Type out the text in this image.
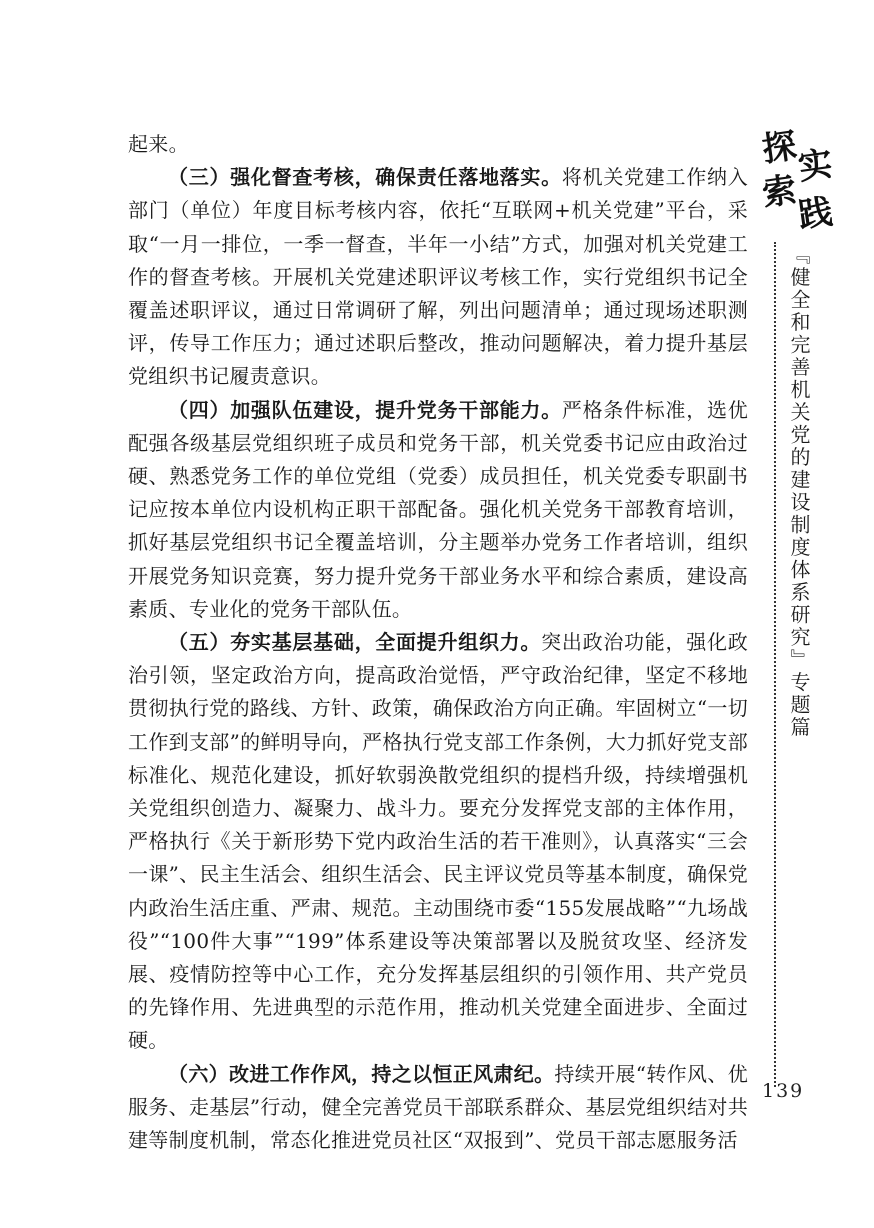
起来。

（三）强化督查考核，确保责任落地落实。将机关党建工作纳入部门（单位）年度目标考核内容，依托“互联网+机关党建”平台，采取“一月一排位，一季一督查，半年一小结”方式，加强对机关党建工作的督查考核。开展机关党建述职评议考核工作，实行党组织书记全覆盖述职评议，通过日常调研了解，列出问题清单；通过现场述职测评，传导工作压力；通过述职后整改，推动问题解决，着力提升基层党组织书记履责意识。

（四）加强队伍建设，提升党务干部能力。严格条件标准，选优配强各级基层党组织班子成员和党务干部，机关党委书记应由政治过硬、熟悉党务工作的单位党组（党委）成员担任，机关党委专职副书记应按本单位内设机构正职干部配备。强化机关党务干部教育培训，抓好基层党组织书记全覆盖培训，分主题举办党务工作者培训，组织开展党务知识竞赛，努力提升党务干部业务水平和综合素质，建设高素质、专业化的党务干部队伍。

（五）夯实基层基础，全面提升组织力。突出政治功能，强化政治引领，坚定政治方向，提高政治觉悟，严守政治纪律，坚定不移地贯彻执行党的路线、方针、政策，确保政治方向正确。牢固树立“一切工作到支部”的鲜明导向，严格执行党支部工作条例，大力抓好党支部标准化、规范化建设，抓好软弱涣散党组织的提档升级，持续增强机关党组织创造力、凝聚力、战斗力。要充分发挥党支部的主体作用，严格执行《关于新形势下党内政治生活的若干准则》，认真落实“三会一课”、民主生活会、组织生活会、民主评议党员等基本制度，确保党内政治生活庄重、严肃、规范。主动围绕市委“155发展战略”“九场战役”“100件大事”“199”体系建设等决策部署以及脱贫攻坚、经济发展、疫情防控等中心工作，充分发挥基层组织的引领作用、共产党员的先锋作用、先进典型的示范作用，推动机关党建全面进步、全面过硬。

（六）改进工作作风，持之以恒正风肃纪。持续开展“转作风、优服务、走基层”行动，健全完善党员干部联系群众、基层党组织结对共建等制度机制，常态化推进党员社区“双报到”、党员干部志愿服务活

探
索
实
践
『健全和完善机关党的建设制度体系研究』专题篇
139
